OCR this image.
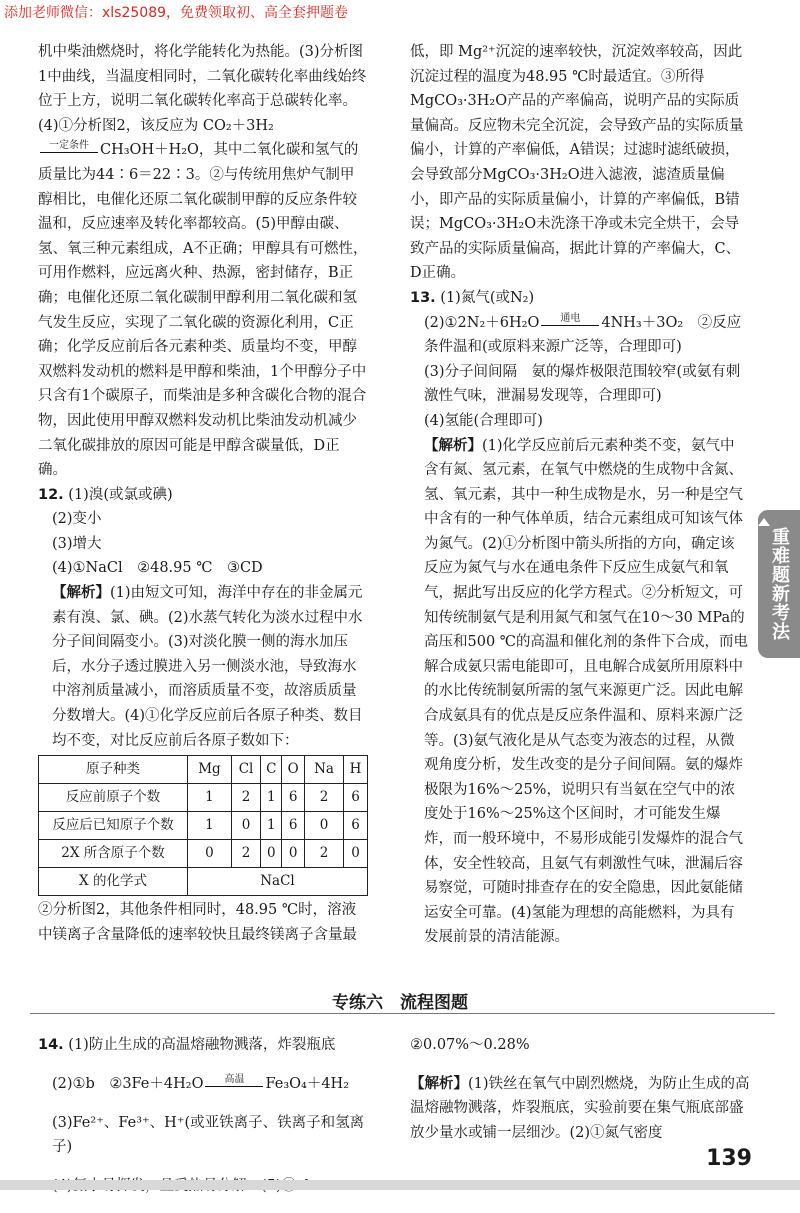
添加老师微信：xls25089，免费领取初、高全套押题卷

机中柴油燃烧时，将化学能转化为热能。(3)分析图1中曲线，当温度相同时，二氧化碳转化率曲线始终位于上方，说明二氧化碳转化率高于总碳转化率。(4)①分析图2，该反应为 CO₂＋3H₂

一定条件 CH₃OH＋H₂O，其中二氧化碳和氢气的质量比为44∶6＝22∶3。②与传统用焦炉气制甲醇相比，电催化还原二氧化碳制甲醇的反应条件较温和，反应速率及转化率都较高。(5)甲醇由碳、氢、氧三种元素组成，A不正确；甲醇具有可燃性，可用作燃料，应远离火种、热源，密封储存，B正确；电催化还原二氧化碳制甲醇利用二氧化碳和氢气发生反应，实现了二氧化碳的资源化利用，C正确；化学反应前后各元素种类、质量均不变，甲醇双燃料发动机的燃料是甲醇和柴油，1个甲醇分子中只含有1个碳原子，而柴油是多种含碳化合物的混合物，因此使用甲醇双燃料发动机比柴油发动机减少二氧化碳排放的原因可能是甲醇含碳量低，D正确。

12. (1)溴(或氯或碘)

(2)变小

(3)增大

(4)①NaCl　②48.95 ℃　③CD

【解析】(1)由短文可知，海洋中存在的非金属元素有溴、氯、碘。(2)水蒸气转化为淡水过程中水分子间间隔变小。(3)对淡化膜一侧的海水加压后，水分子透过膜进入另一侧淡水池，导致海水中溶剂质量减小，而溶质质量不变，故溶质质量分数增大。(4)①化学反应前后各原子种类、数目均不变，对比反应前后各原子数如下：

原子种类	Mg	Cl	C	O	Na	H
反应前原子个数	1	2	1	6	2	6
反应后已知原子个数	1	0	1	6	0	6
2X 所含原子个数	0	2	0	0	2	0
X 的化学式	NaCl					

②分析图2，其他条件相同时，48.95 ℃时，溶液中镁离子含量降低的速率较快且最终镁离子含量最

低，即 Mg²⁺沉淀的速率较快，沉淀效率较高，因此沉淀过程的温度为48.95 ℃时最适宜。③所得MgCO₃·3H₂O产品的产率偏高，说明产品的实际质量偏高。反应物未完全沉淀，会导致产品的实际质量偏小，计算的产率偏低，A错误；过滤时滤纸破损，会导致部分MgCO₃·3H₂O进入滤液，滤渣质量偏小，即产品的实际质量偏小，计算的产率偏低，B错误；MgCO₃·3H₂O未洗涤干净或未完全烘干，会导致产品的实际质量偏高，据此计算的产率偏大，C、D正确。

13. (1)氮气(或N₂)

(2)①2N₂＋6H₂O 通电 4NH₃＋3O₂　②反应条件温和(或原料来源广泛等，合理即可)

(3)分子间间隔　氨的爆炸极限范围较窄(或氨有刺激性气味，泄漏易发现等，合理即可)

(4)氢能(合理即可)

【解析】(1)化学反应前后元素种类不变，氨气中含有氮、氢元素，在氧气中燃烧的生成物中含氮、氢、氧元素，其中一种生成物是水，另一种是空气中含有的一种气体单质，结合元素组成可知该气体为氮气。(2)①分析图中箭头所指的方向，确定该反应为氮气与水在通电条件下反应生成氨气和氧气，据此写出反应的化学方程式。②分析短文，可知传统制氨气是利用氮气和氢气在10～30 MPa的高压和500 ℃的高温和催化剂的条件下合成，而电解合成氨只需电能即可，且电解合成氨所用原料中的水比传统制氨所需的氢气来源更广泛。因此电解合成氨具有的优点是反应条件温和、原料来源广泛等。(3)氨气液化是从气态变为液态的过程，从微观角度分析，发生改变的是分子间间隔。氨的爆炸极限为16%～25%，说明只有当氨在空气中的浓度处于16%～25%这个区间时，才可能发生爆炸，而一般环境中，不易形成能引发爆炸的混合气体，安全性较高，且氨气有刺激性气味，泄漏后容易察觉，可随时排查存在的安全隐患，因此氨能储运安全可靠。(4)氢能为理想的高能燃料，为具有发展前景的清洁能源。

重难题新考法
专练六　流程图题

14. (1)防止生成的高温熔融物溅落，炸裂瓶底

(2)①b　②3Fe＋4H₂O 高温 Fe₃O₄＋4H₂

(3)Fe²⁺、Fe³⁺、H⁺(或亚铁离子、铁离子和氢离子)

②0.07%～0.28%

【解析】(1)铁丝在氧气中剧烈燃烧，为防止生成的高温熔融物溅落，炸裂瓶底，实验前要在集气瓶底部盛放少量水或铺一层细沙。(2)①氮气密度

139
